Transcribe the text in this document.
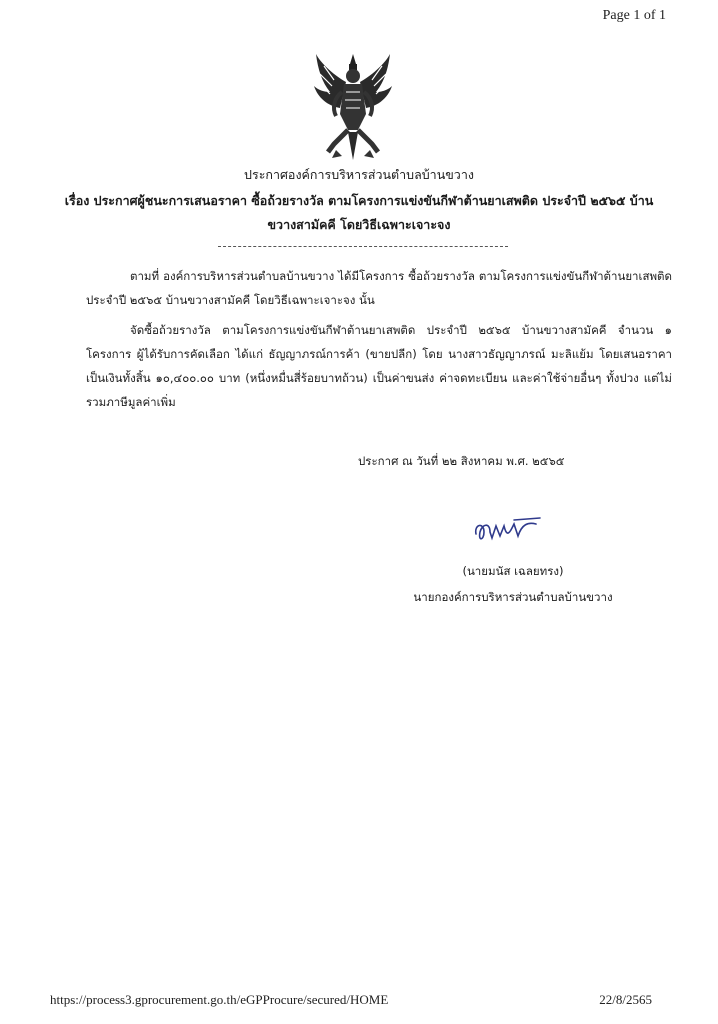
Page 1 of 1
ประกาศองค์การบริหารส่วนตำบลบ้านขวาง
เรื่อง ประกาศผู้ชนะการเสนอราคา ซื้อถ้วยรางวัล ตามโครงการแข่งขันกีฬาต้านยาเสพติด ประจำปี ๒๕๖๕ บ้าน
ขวางสามัคคี โดยวิธีเฉพาะเจาะจง

ตามที่ องค์การบริหารส่วนตำบลบ้านขวาง ได้มีโครงการ ซื้อถ้วยรางวัล ตามโครงการแข่งขันกีฬาต้านยาเสพติด ประจำปี ๒๕๖๕ บ้านขวางสามัคคี โดยวิธีเฉพาะเจาะจง นั้น

จัดซื้อถ้วยรางวัล ตามโครงการแข่งขันกีฬาต้านยาเสพติด ประจำปี ๒๕๖๕ บ้านขวางสามัคคี จำนวน ๑ โครงการ ผู้ได้รับการคัดเลือก ได้แก่ ธัญญาภรณ์การค้า (ขายปลีก) โดย นางสาวธัญญาภรณ์ มะลิแย้ม โดยเสนอราคาเป็นเงินทั้งสิ้น ๑๐,๔๐๐.๐๐ บาท (หนึ่งหมื่นสี่ร้อยบาทถ้วน) เป็นค่าขนส่ง ค่าจดทะเบียน และค่าใช้จ่ายอื่นๆ ทั้งปวง แต่ไม่รวมภาษีมูลค่าเพิ่ม

ประกาศ ณ วันที่ ๒๒ สิงหาคม พ.ศ. ๒๕๖๕
(นายมนัส เฉลยทรง)
นายกองค์การบริหารส่วนตำบลบ้านขวาง
https://process3.gprocurement.go.th/eGPProcure/secured/HOME	22/8/2565
